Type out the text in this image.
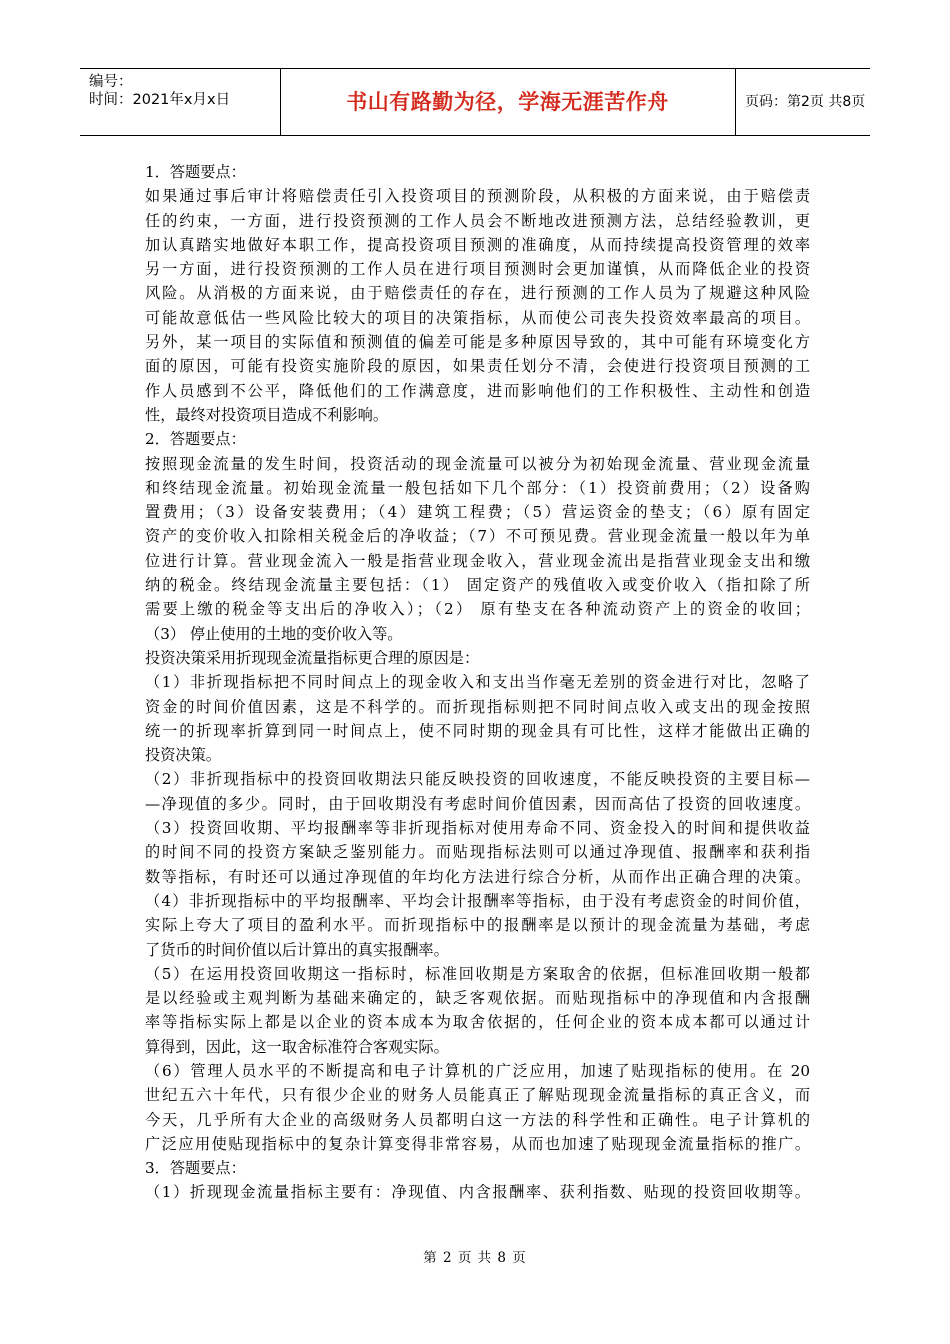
编号：
时间：2021年x月x日	书山有路勤为径，学海无涯苦作舟	页码：第2页 共8页

1．答题要点：

如果通过事后审计将赔偿责任引入投资项目的预测阶段，从积极的方面来说，由于赔偿责

任的约束，一方面，进行投资预测的工作人员会不断地改进预测方法，总结经验教训，更

加认真踏实地做好本职工作，提高投资项目预测的准确度，从而持续提高投资管理的效率

另一方面，进行投资预测的工作人员在进行项目预测时会更加谨慎，从而降低企业的投资

风险。从消极的方面来说，由于赔偿责任的存在，进行预测的工作人员为了规避这种风险

可能故意低估一些风险比较大的项目的决策指标，从而使公司丧失投资效率最高的项目。

另外，某一项目的实际值和预测值的偏差可能是多种原因导致的，其中可能有环境变化方

面的原因，可能有投资实施阶段的原因，如果责任划分不清，会使进行投资项目预测的工

作人员感到不公平，降低他们的工作满意度，进而影响他们的工作积极性、主动性和创造

性，最终对投资项目造成不利影响。

2．答题要点：

按照现金流量的发生时间，投资活动的现金流量可以被分为初始现金流量、营业现金流量

和终结现金流量。初始现金流量一般包括如下几个部分：（1）投资前费用；（2）设备购

置费用；（3）设备安装费用；（4）建筑工程费；（5）营运资金的垫支；（6）原有固定

资产的变价收入扣除相关税金后的净收益；（7）不可预见费。营业现金流量一般以年为单

位进行计算。营业现金流入一般是指营业现金收入，营业现金流出是指营业现金支出和缴

纳的税金。终结现金流量主要包括：（1） 固定资产的残值收入或变价收入（指扣除了所

需要上缴的税金等支出后的净收入）；（2） 原有垫支在各种流动资产上的资金的收回；

（3） 停止使用的土地的变价收入等。

投资决策采用折现现金流量指标更合理的原因是：

（1）非折现指标把不同时间点上的现金收入和支出当作毫无差别的资金进行对比，忽略了

资金的时间价值因素，这是不科学的。而折现指标则把不同时间点收入或支出的现金按照

统一的折现率折算到同一时间点上，使不同时期的现金具有可比性，这样才能做出正确的

投资决策。

（2）非折现指标中的投资回收期法只能反映投资的回收速度，不能反映投资的主要目标—

—净现值的多少。同时，由于回收期没有考虑时间价值因素，因而高估了投资的回收速度。

（3）投资回收期、平均报酬率等非折现指标对使用寿命不同、资金投入的时间和提供收益

的时间不同的投资方案缺乏鉴别能力。而贴现指标法则可以通过净现值、报酬率和获利指

数等指标，有时还可以通过净现值的年均化方法进行综合分析，从而作出正确合理的决策。

（4）非折现指标中的平均报酬率、平均会计报酬率等指标，由于没有考虑资金的时间价值，

实际上夸大了项目的盈利水平。而折现指标中的报酬率是以预计的现金流量为基础，考虑

了货币的时间价值以后计算出的真实报酬率。

（5）在运用投资回收期这一指标时，标准回收期是方案取舍的依据，但标准回收期一般都

是以经验或主观判断为基础来确定的，缺乏客观依据。而贴现指标中的净现值和内含报酬

率等指标实际上都是以企业的资本成本为取舍依据的，任何企业的资本成本都可以通过计

算得到，因此，这一取舍标准符合客观实际。

（6）管理人员水平的不断提高和电子计算机的广泛应用，加速了贴现指标的使用。在 20

世纪五六十年代，只有很少企业的财务人员能真正了解贴现现金流量指标的真正含义，而

今天，几乎所有大企业的高级财务人员都明白这一方法的科学性和正确性。电子计算机的

广泛应用使贴现指标中的复杂计算变得非常容易，从而也加速了贴现现金流量指标的推广。

3．答题要点：

（1）折现现金流量指标主要有：净现值、内含报酬率、获利指数、贴现的投资回收期等。

第 2 页 共 8 页
